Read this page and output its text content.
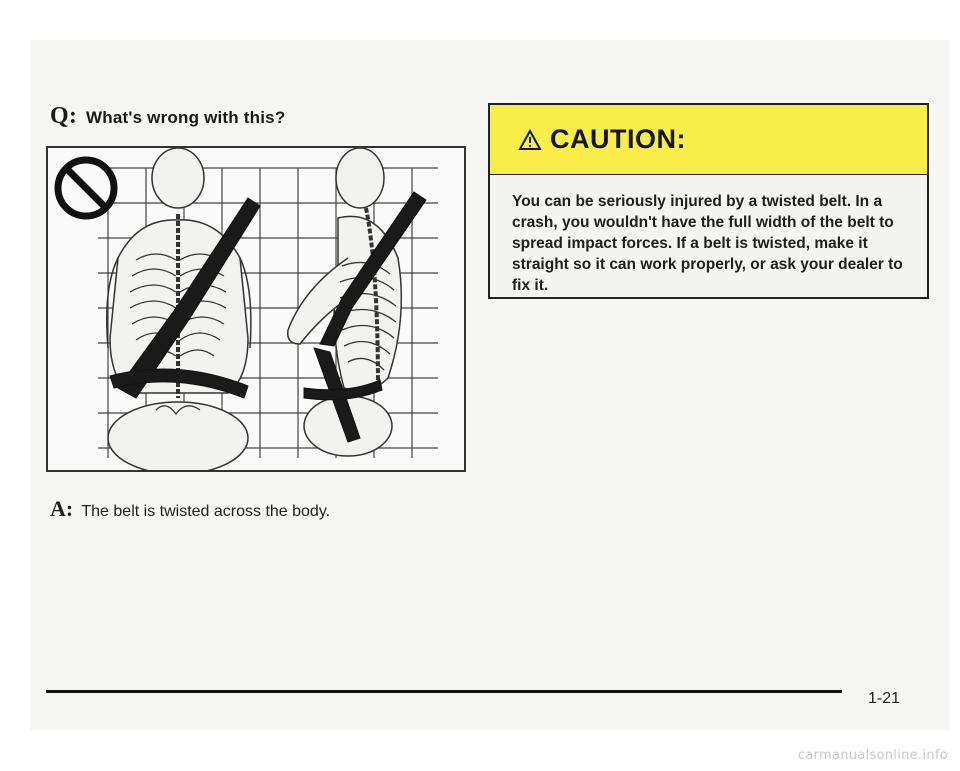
Q: What's wrong with this?
A: The belt is twisted across the body.
CAUTION:
You can be seriously injured by a twisted belt. In a crash, you wouldn't have the full width of the belt to spread impact forces. If a belt is twisted, make it straight so it can work properly, or ask your dealer to fix it.
1-21
carmanualsonline.info
